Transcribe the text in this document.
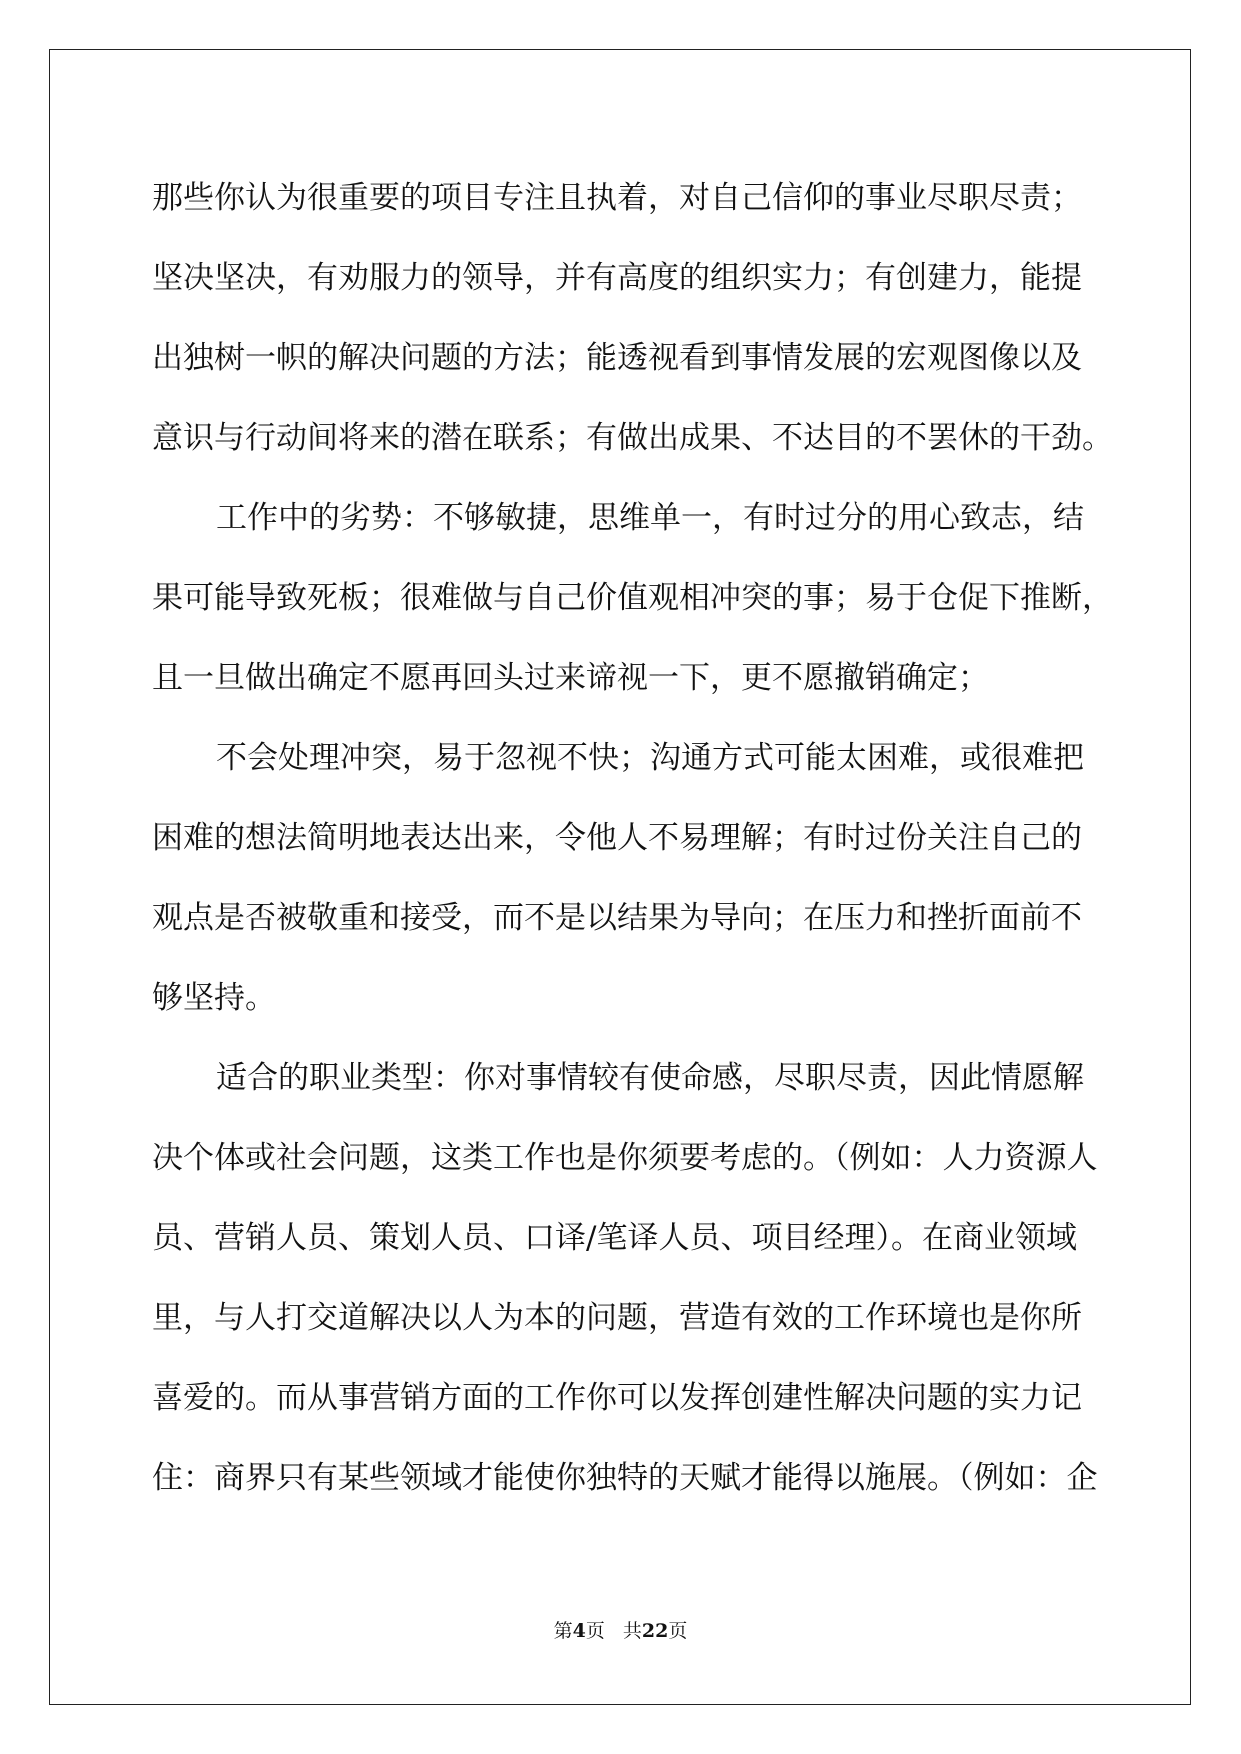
那些你认为很重要的项目专注且执着，对自己信仰的事业尽职尽责；
坚决坚决，有劝服力的领导，并有高度的组织实力；有创建力，能提
出独树一帜的解决问题的方法；能透视看到事情发展的宏观图像以及
意识与行动间将来的潜在联系；有做出成果、不达目的不罢休的干劲。
工作中的劣势：不够敏捷，思维单一，有时过分的用心致志，结
果可能导致死板；很难做与自己价值观相冲突的事；易于仓促下推断，
且一旦做出确定不愿再回头过来谛视一下，更不愿撤销确定；
不会处理冲突，易于忽视不快；沟通方式可能太困难，或很难把
困难的想法简明地表达出来，令他人不易理解；有时过份关注自己的
观点是否被敬重和接受，而不是以结果为导向；在压力和挫折面前不
够坚持。
适合的职业类型：你对事情较有使命感，尽职尽责，因此情愿解
决个体或社会问题，这类工作也是你须要考虑的。（例如：人力资源人
员、营销人员、策划人员、口译/笔译人员、项目经理）。在商业领域
里，与人打交道解决以人为本的问题，营造有效的工作环境也是你所
喜爱的。而从事营销方面的工作你可以发挥创建性解决问题的实力记
住：商界只有某些领域才能使你独特的天赋才能得以施展。（例如：企
第4页 共22页
